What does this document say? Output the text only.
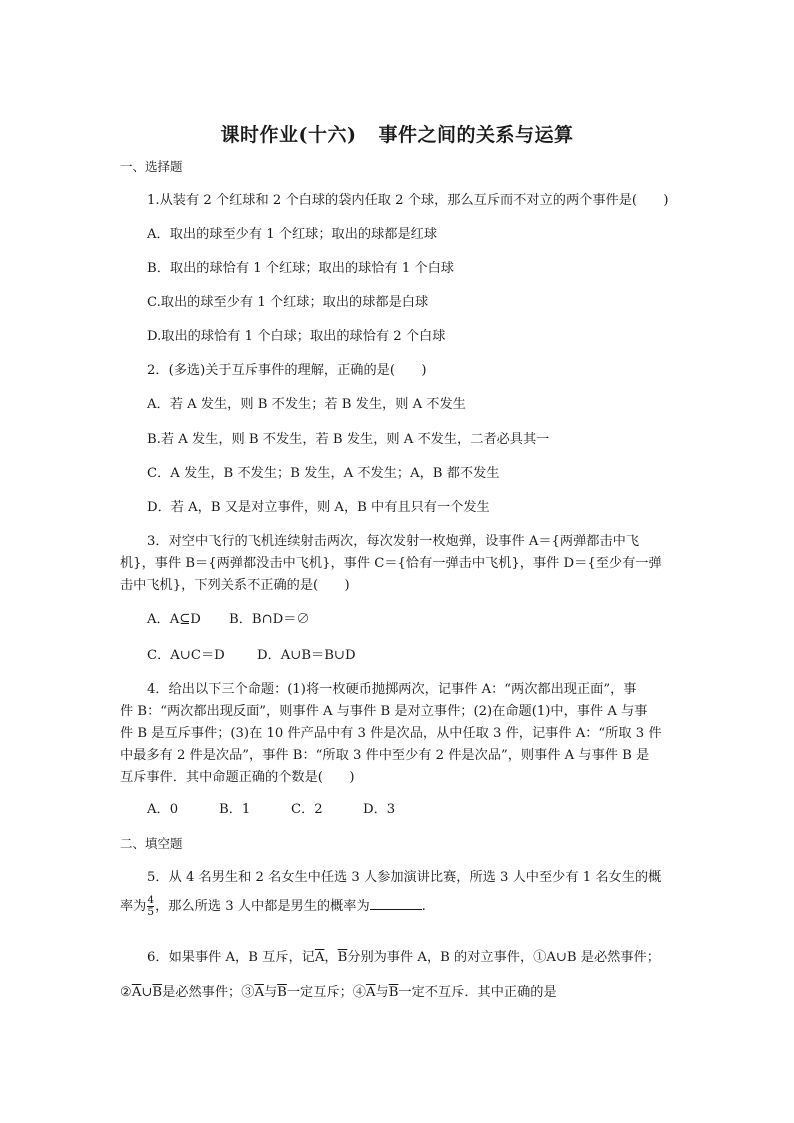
课时作业(十六) 事件之间的关系与运算
一、选择题
1.从装有 2 个红球和 2 个白球的袋内任取 2 个球，那么互斥而不对立的两个事件是(　　)
A．取出的球至少有 1 个红球；取出的球都是红球
B．取出的球恰有 1 个红球；取出的球恰有 1 个白球
C.取出的球至少有 1 个红球；取出的球都是白球
D.取出的球恰有 1 个白球；取出的球恰有 2 个白球
2．(多选)关于互斥事件的理解，正确的是(　　)
A．若 A 发生，则 B 不发生；若 B 发生，则 A 不发生
B.若 A 发生，则 B 不发生，若 B 发生，则 A 不发生，二者必具其一
C．A 发生，B 不发生；B 发生，A 不发生；A，B 都不发生
D．若 A，B 又是对立事件，则 A，B 中有且只有一个发生
3．对空中飞行的飞机连续射击两次，每次发射一枚炮弹，设事件 A＝{两弹都击中飞
机}，事件 B＝{两弹都没击中飞机}，事件 C＝{恰有一弹击中飞机}，事件 D＝{至少有一弹
击中飞机}，下列关系不正确的是(　　)
A．A⊆D B．B∩D＝∅
C．A∪C＝D D．A∪B＝B∪D
4．给出以下三个命题：(1)将一枚硬币抛掷两次，记事件 A：“两次都出现正面”，事
件 B：“两次都出现反面”，则事件 A 与事件 B 是对立事件；(2)在命题(1)中，事件 A 与事
件 B 是互斥事件；(3)在 10 件产品中有 3 件是次品，从中任取 3 件，记事件 A：“所取 3 件
中最多有 2 件是次品”，事件 B：“所取 3 件中至少有 2 件是次品”，则事件 A 与事件 B 是
互斥事件．其中命题正确的个数是(　　)
A．0	B．1	C．2	D．3
二、填空题
5．从 4 名男生和 2 名女生中任选 3 人参加演讲比赛，所选 3 人中至少有 1 名女生的概
率为 $\frac{4}{5}$ ，那么所选 3 人中都是男生的概率为	.
6．如果事件 A，B 互斥，记$\overline{A}$，$\overline{B}$分别为事件 A，B 的对立事件，①A∪B 是必然事件；
$②\overline{A}\cup\overline{B}$是必然事件；$③\overline{A}$与$\overline{B}$一定互斥；$④\overline{A}$与$\overline{B}$一定不互斥．其中正确的是
